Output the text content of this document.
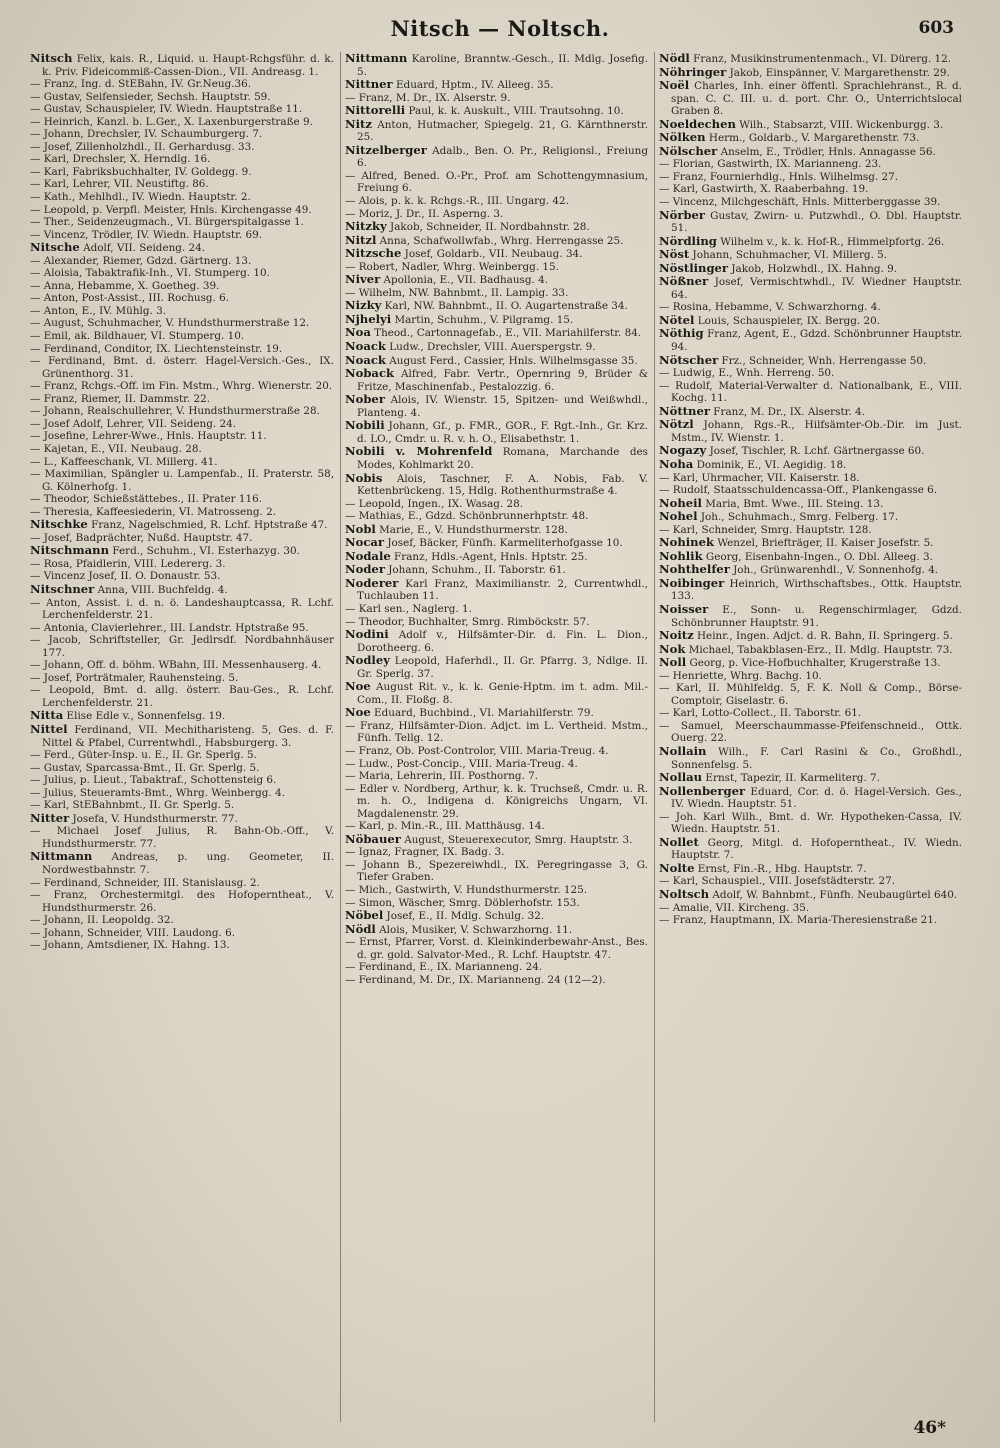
Nitsch — Noltsch.	603

Nitsch Felix, kais. R., Liquid. u. Haupt-Rchgsführ. d. k. k. Priv. Fideicommiß-Cassen-Dion., VII. Andreasg. 1.

— Franz, Ing. d. StEBahn, IV. Gr.Neug.36.

— Gustav, Seifensieder, Sechsh. Hauptstr. 59.

— Gustav, Schauspieler, IV. Wiedn. Hauptstraße 11.

— Heinrich, Kanzl. b. L.Ger., X. Laxenburgerstraße 9.

— Johann, Drechsler, IV. Schaumburgerg. 7.

— Josef, Zillenholzhdl., II. Gerhardusg. 33.

— Karl, Drechsler, X. Herndlg. 16.

— Karl, Fabriksbuchhalter, IV. Goldegg. 9.

— Karl, Lehrer, VII. Neustiftg. 86.

— Kath., Mehlhdl., IV. Wiedn. Hauptstr. 2.

— Leopold, p. Verpfl. Meister, Hnls. Kirchengasse 49.

— Ther., Seidenzeugmach., VI. Bürgerspitalgasse 1.

— Vincenz, Trödler, IV. Wiedn. Hauptstr. 69.

Nitsche Adolf, VII. Seideng. 24.

— Alexander, Riemer, Gdzd. Gärtnerg. 13.

— Aloisia, Tabaktrafik-Inh., VI. Stumperg. 10.

— Anna, Hebamme, X. Goetheg. 39.

— Anton, Post-Assist., III. Rochusg. 6.

— Anton, E., IV. Mühlg. 3.

— August, Schuhmacher, V. Hundsthurmerstraße 12.

— Emil, ak. Bildhauer, VI. Stumperg. 10.

— Ferdinand, Conditor, IX. Liechtensteinstr. 19.

— Ferdinand, Bmt. d. österr. Hagel-Versich.-Ges., IX. Grünenthorg. 31.

— Franz, Rchgs.-Off. im Fin. Mstm., Whrg. Wienerstr. 20.

— Franz, Riemer, II. Dammstr. 22.

— Johann, Realschullehrer, V. Hundsthurmerstraße 28.

— Josef Adolf, Lehrer, VII. Seideng. 24.

— Josefine, Lehrer-Wwe., Hnls. Hauptstr. 11.

— Kajetan, E., VII. Neubaug. 28.

— L., Kaffeeschank, VI. Millerg. 41.

— Maximilian, Spängler u. Lampenfab., II. Praterstr. 58, G. Kölnerhofg. 1.

— Theodor, Schießstättebes., II. Prater 116.

— Theresia, Kaffeesiederin, VI. Matrosseng. 2.

Nitschke Franz, Nagelschmied, R. Lchf. Hptstraße 47.

— Josef, Badprächter, Nußd. Hauptstr. 47.

Nitschmann Ferd., Schuhm., VI. Esterhazyg. 30.

— Rosa, Pfaidlerin, VIII. Ledererg. 3.

— Vincenz Josef, II. O. Donaustr. 53.

Nitschner Anna, VIII. Buchfeldg. 4.

— Anton, Assist. i. d. n. ö. Landeshauptcassa, R. Lchf. Lerchenfelderstr. 21.

— Antonia, Clavierlehrer., III. Landstr. Hptstraße 95.

— Jacob, Schriftsteller, Gr. Jedlrsdf. Nordbahnhäuser 177.

— Johann, Off. d. böhm. WBahn, III. Messenhauserg. 4.

— Josef, Porträtmaler, Rauhensteing. 5.

— Leopold, Bmt. d. allg. österr. Bau-Ges., R. Lchf. Lerchenfelderstr. 21.

Nitta Elise Edle v., Sonnenfelsg. 19.

Nittel Ferdinand, VII. Mechitharisteng. 5, Ges. d. F. Nittel & Pfabel, Currentwhdl., Habsburgerg. 3.

— Ferd., Güter-Insp. u. E., II. Gr. Sperlg. 5.

— Gustav, Sparcassa-Bmt., II. Gr. Sperlg. 5.

— Julius, p. Lieut., Tabaktraf., Schottensteig 6.

— Julius, Steueramts-Bmt., Whrg. Weinbergg. 4.

— Karl, StEBahnbmt., II. Gr. Sperlg. 5.

Nitter Josefa, V. Hundsthurmerstr. 77.

— Michael Josef Julius, R. Bahn-Ob.-Off., V. Hundsthurmerstr. 77.

Nittmann Andreas, p. ung. Geometer, II. Nordwestbahnstr. 7.

— Ferdinand, Schneider, III. Stanislausg. 2.

— Franz, Orchestermitgl. des Hofoperntheat., V. Hundsthurmerstr. 26.

— Johann, II. Leopoldg. 32.

— Johann, Schneider, VIII. Laudong. 6.

— Johann, Amtsdiener, IX. Hahng. 13.

Nittmann Karoline, Branntw.-Gesch., II. Mdlg. Josefig. 5.

Nittner Eduard, Hptm., IV. Alleeg. 35.

— Franz, M. Dr., IX. Alserstr. 9.

Nittorelli Paul, k. k. Auskult., VIII. Trautsohng. 10.

Nitz Anton, Hutmacher, Spiegelg. 21, G. Kärnthnerstr. 25.

Nitzelberger Adalb., Ben. O. Pr., Religionsl., Freiung 6.

— Alfred, Bened. O.-Pr., Prof. am Schottengymnasium, Freiung 6.

— Alois, p. k. k. Rchgs.-R., III. Ungarg. 42.

— Moriz, J. Dr., II. Asperng. 3.

Nitzky Jakob, Schneider, II. Nordbahnstr. 28.

Nitzl Anna, Schafwollwfab., Whrg. Herrengasse 25.

Nitzsche Josef, Goldarb., VII. Neubaug. 34.

— Robert, Nadler, Whrg. Weinbergg. 15.

Niver Apollonia, E., VII. Badhausg. 4.

— Wilhelm, NW. Bahnbmt., II. Lampig. 33.

Nizky Karl, NW. Bahnbmt., II. O. Augartenstraße 34.

Njhelyi Martin, Schuhm., V. Pilgramg. 15.

Noa Theod., Cartonnagefab., E., VII. Mariahilferstr. 84.

Noack Ludw., Drechsler, VIII. Auerspergstr. 9.

Noack August Ferd., Cassier, Hnls. Wilhelmsgasse 35.

Noback Alfred, Fabr. Vertr., Opernring 9, Brüder & Fritze, Maschinenfab., Pestalozzig. 6.

Nober Alois, IV. Wienstr. 15, Spitzen- und Weißwhdl., Planteng. 4.

Nobili Johann, Gf., p. FMR., GOR., F. Rgt.-Inh., Gr. Krz. d. LO., Cmdr. u. R. v. h. O., Elisabethstr. 1.

Nobili v. Mohrenfeld Romana, Marchande des Modes, Kohlmarkt 20.

Nobis Alois, Taschner, F. A. Nobis, Fab. V. Kettenbrückeng. 15, Hdlg. Rothenthurmstraße 4.

— Leopold, Ingen., IX. Wasag. 28.

— Mathias, E., Gdzd. Schönbrunnerhptstr. 48.

Nobl Marie, E., V. Hundsthurmerstr. 128.

Nocar Josef, Bäcker, Fünfh. Karmeliterhofgasse 10.

Nodale Franz, Hdls.-Agent, Hnls. Hptstr. 25.

Noder Johann, Schuhm., II. Taborstr. 61.

Noderer Karl Franz, Maximilianstr. 2, Currentwhdl., Tuchlauben 11.

— Karl sen., Naglerg. 1.

— Theodor, Buchhalter, Smrg. Rimböckstr. 57.

Nodini Adolf v., Hilfsämter-Dir. d. Fin. L. Dion., Dorotheerg. 6.

Nodley Leopold, Haferhdl., II. Gr. Pfarrg. 3, Ndlge. II. Gr. Sperlg. 37.

Noe August Rit. v., k. k. Genie-Hptm. im t. adm. Mil.-Com., II. Floßg. 8.

Noe Eduard, Buchbind., VI. Mariahilferstr. 79.

— Franz, Hilfsämter-Dion. Adjct. im L. Vertheid. Mstm., Fünfh. Tellg. 12.

— Franz, Ob. Post-Controlor, VIII. Maria-Treug. 4.

— Ludw., Post-Concip., VIII. Maria-Treug. 4.

— Maria, Lehrerin, III. Posthorng. 7.

— Edler v. Nordberg, Arthur, k. k. Truchseß, Cmdr. u. R. m. h. O., Indigena d. Königreichs Ungarn, VI. Magdalenenstr. 29.

— Karl, p. Min.-R., III. Matthäusg. 14.

Nöbauer August, Steuerexecutor, Smrg. Hauptstr. 3.

— Ignaz, Fragner, IX. Badg. 3.

— Johann B., Spezereiwhdl., IX. Peregringasse 3, G. Tiefer Graben.

— Mich., Gastwirth, V. Hundsthurmerstr. 125.

— Simon, Wäscher, Smrg. Döblerhofstr. 153.

Nöbel Josef, E., II. Mdlg. Schulg. 32.

Nödl Alois, Musiker, V. Schwarzhorng. 11.

— Ernst, Pfarrer, Vorst. d. Kleinkinderbewahr-Anst., Bes. d. gr. gold. Salvator-Med., R. Lchf. Hauptstr. 47.

— Ferdinand, E., IX. Marianneng. 24.

— Ferdinand, M. Dr., IX. Marianneng. 24 (12—2).

Nödl Franz, Musikinstrumentenmach., VI. Dürerg. 12.

Nöhringer Jakob, Einspänner, V. Margarethenstr. 29.

Noël Charles, Inh. einer öffentl. Sprachlehranst., R. d. span. C. C. III. u. d. port. Chr. O., Unterrichtslocal Graben 8.

Noeldechen Wilh., Stabsarzt, VIII. Wickenburgg. 3.

Nölken Herm., Goldarb., V. Margarethenstr. 73.

Nölscher Anselm, E., Trödler, Hnls. Annagasse 56.

— Florian, Gastwirth, IX. Marianneng. 23.

— Franz, Fournierhdlg., Hnls. Wilhelmsg. 27.

— Karl, Gastwirth, X. Raaberbahng. 19.

— Vincenz, Milchgeschäft, Hnls. Mitterberggasse 39.

Nörber Gustav, Zwirn- u. Putzwhdl., O. Dbl. Hauptstr. 51.

Nördling Wilhelm v., k. k. Hof-R., Himmelpfortg. 26.

Nöst Johann, Schuhmacher, VI. Millerg. 5.

Nöstlinger Jakob, Holzwhdl., IX. Hahng. 9.

Nößner Josef, Vermischtwhdl., IV. Wiedner Hauptstr. 64.

— Rosina, Hebamme, V. Schwarzhorng. 4.

Nötel Louis, Schauspieler, IX. Bergg. 20.

Nöthig Franz, Agent, E., Gdzd. Schönbrunner Hauptstr. 94.

Nötscher Frz., Schneider, Wnh. Herrengasse 50.

— Ludwig, E., Wnh. Herreng. 50.

— Rudolf, Material-Verwalter d. Nationalbank, E., VIII. Kochg. 11.

Nöttner Franz, M. Dr., IX. Alserstr. 4.

Nötzl Johann, Rgs.-R., Hilfsämter-Ob.-Dir. im Just. Mstm., IV. Wienstr. 1.

Nogazy Josef, Tischler, R. Lchf. Gärtnergasse 60.

Noha Dominik, E., VI. Aegidig. 18.

— Karl, Uhrmacher, VII. Kaiserstr. 18.

— Rudolf, Staatsschuldencassa-Off., Plankengasse 6.

Noheil Maria, Bmt. Wwe., III. Steing. 13.

Nohel Joh., Schuhmach., Smrg. Felberg. 17.

— Karl, Schneider, Smrg. Hauptstr. 128.

Nohinek Wenzel, Briefträger, II. Kaiser Josefstr. 5.

Nohlik Georg, Eisenbahn-Ingen., O. Dbl. Alleeg. 3.

Nohthelfer Joh., Grünwarenhdl., V. Sonnenhofg. 4.

Noibinger Heinrich, Wirthschaftsbes., Ottk. Hauptstr. 133.

Noisser E., Sonn- u. Regenschirmlager, Gdzd. Schönbrunner Hauptstr. 91.

Noitz Heinr., Ingen. Adjct. d. R. Bahn, II. Springerg. 5.

Nok Michael, Tabakblasen-Erz., II. Mdlg. Hauptstr. 73.

Noll Georg, p. Vice-Hofbuchhalter, Krugerstraße 13.

— Henriette, Whrg. Bachg. 10.

— Karl, II. Mühlfeldg. 5, F. K. Noll & Comp., Börse-Comptoir, Giselastr. 6.

— Karl, Lotto-Collect., II. Taborstr. 61.

— Samuel, Meerschaummasse-Pfeifenschneid., Ottk. Ouerg. 22.

Nollain Wilh., F. Carl Rasini & Co., Großhdl., Sonnenfelsg. 5.

Nollau Ernst, Tapezir, II. Karmeliterg. 7.

Nollenberger Eduard, Cor. d. ö. Hagel-Versich. Ges., IV. Wiedn. Hauptstr. 51.

— Joh. Karl Wilh., Bmt. d. Wr. Hypotheken-Cassa, IV. Wiedn. Hauptstr. 51.

Nollet Georg, Mitgl. d. Hofoperntheat., IV. Wiedn. Hauptstr. 7.

Nolte Ernst, Fin.-R., Hbg. Hauptstr. 7.

— Karl, Schauspiel., VIII. Josefstädterstr. 27.

Noltsch Adolf, W. Bahnbmt., Fünfh. Neubaugürtel 640.

— Amalie, VII. Kircheng. 35.

— Franz, Hauptmann, IX. Maria-Theresienstraße 21.

46*
